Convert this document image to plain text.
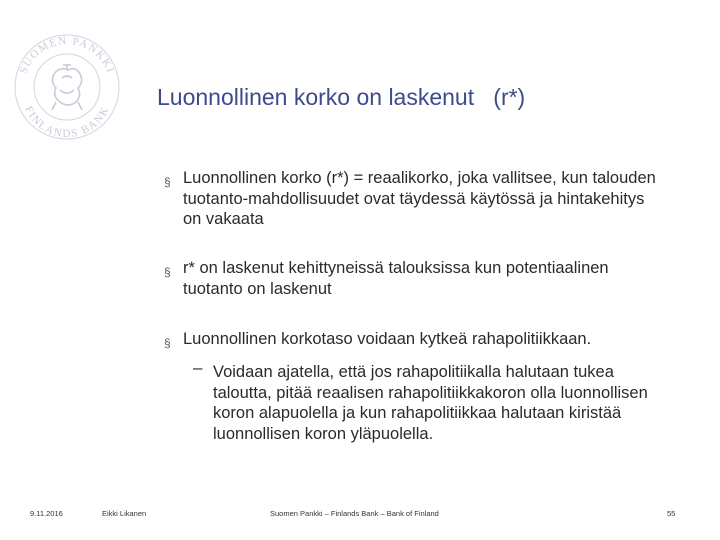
SUOMEN PANKKI
FINLANDS BANK
Luonnollinen korko on laskenut   (r*)
§ Luonnollinen korko (r*) = reaalikorko, joka vallitsee, kun talouden tuotanto-mahdollisuudet ovat täydessä käytössä ja hintakehitys on vakaata
§ r* on laskenut kehittyneissä talouksissa kun potentiaalinen tuotanto on laskenut
§ Luonnollinen korkotaso voidaan kytkeä rahapolitiikkaan.
– Voidaan ajatella, että jos rahapolitiikalla halutaan tukea taloutta, pitää reaalisen rahapolitiikkakoron olla luonnollisen koron alapuolella ja kun rahapolitiikkaa halutaan kiristää luonnollisen koron yläpuolella.
9.11.2016	Eikki Likanen	Suomen Pankki – Finlands Bank – Bank of Finland	55
